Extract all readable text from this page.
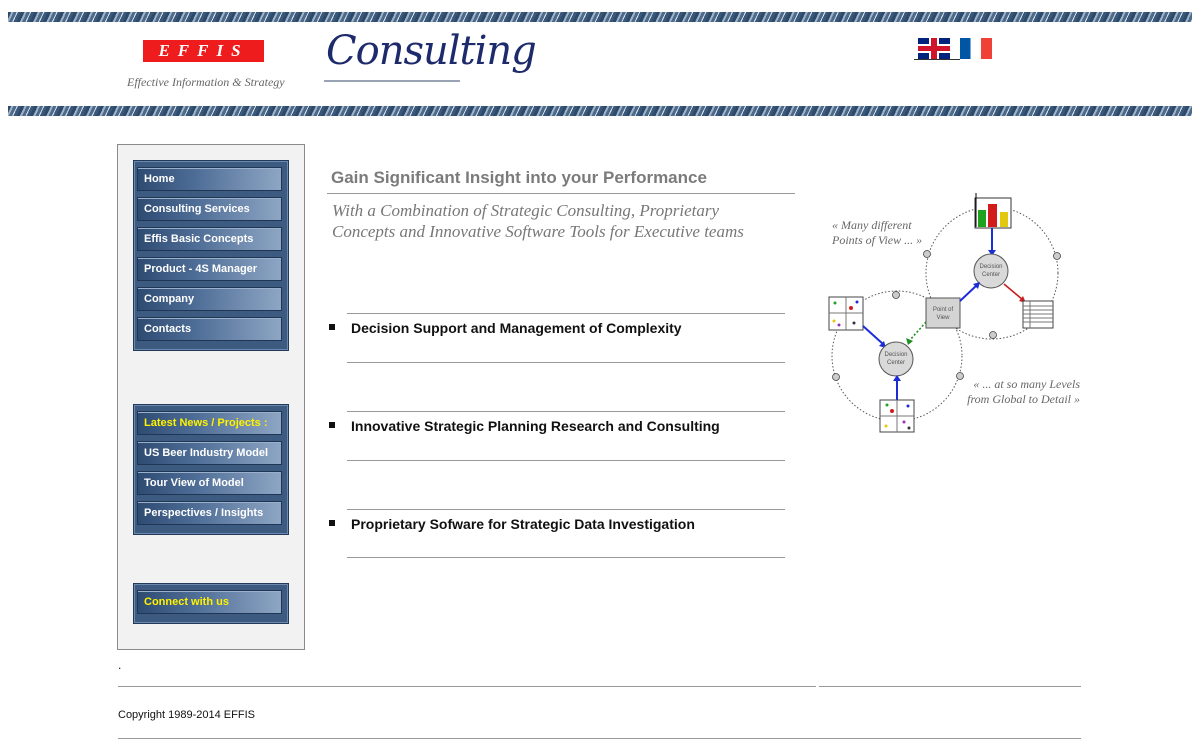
EFFIS
Effective Information & Strategy
Consulting
Home
Consulting Services
Effis Basic Concepts
Product - 4S Manager
Company
Contacts
Latest News / Projects :
US Beer Industry Model
Tour View of Model
Perspectives / Insights
Connect with us
Gain Significant Insight into your Performance
With a Combination of Strategic Consulting, Proprietary Concepts and Innovative Software Tools for Executive teams
Decision Support and Management of Complexity
Innovative Strategic Planning Research and Consulting
Proprietary Sofware for Strategic Data Investigation
« Many different
Points of View ... »
« ... at so many Levels
from Global to Detail »
Decision
Center
Point of
View
Decision
Center
.
Copyright 1989-2014 EFFIS
